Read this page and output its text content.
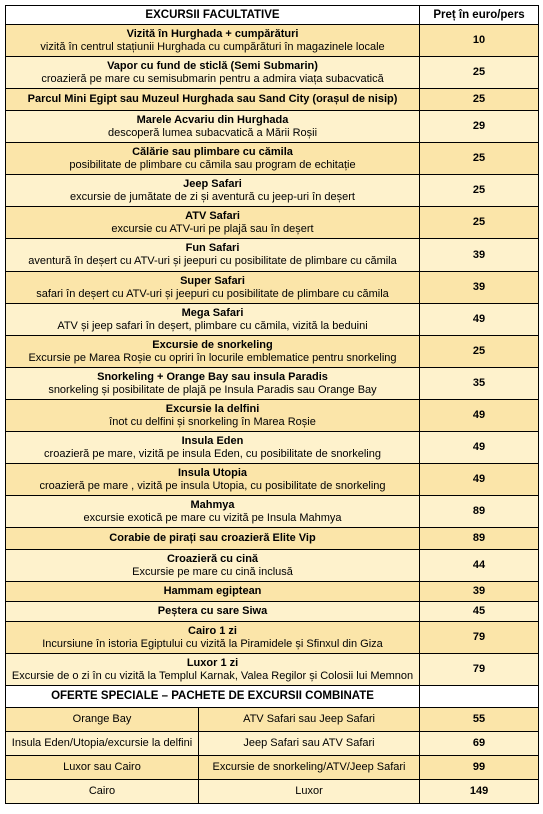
EXCURSII FACULTATIVE		Preț în euro/pers

Vizită în Hurghada + cumpărături
vizită în centrul stațiunii Hurghada cu cumpărături în magazinele locale		10

Vapor cu fund de sticlă (Semi Submarin)
croazieră pe mare cu semisubmarin pentru a admira viața subacvatică		25

Parcul Mini Egipt sau Muzeul Hurghada sau Sand City (orașul de nisip)		25

Marele Acvariu din Hurghada
descoperă lumea subacvatică a Mării Roșii		29

Călărie sau plimbare cu cămila
posibilitate de plimbare cu cămila sau program de echitație		25

Jeep Safari
excursie de jumătate de zi și aventură cu jeep-uri în deșert		25

ATV Safari
excursie cu ATV-uri pe plajă sau în deșert		25

Fun Safari
aventură în deșert cu ATV-uri și jeepuri cu posibilitate de plimbare cu cămila		39

Super Safari
safari în deșert cu ATV-uri și jeepuri cu posibilitate de plimbare cu cămila		39

Mega Safari
ATV și jeep safari în deșert, plimbare cu cămila, vizită la beduini		49

Excursie de snorkeling
Excursie pe Marea Roșie cu opriri în locurile emblematice pentru snorkeling		25

Snorkeling + Orange Bay sau insula Paradis
snorkeling și posibilitate de plajă pe Insula Paradis sau Orange Bay		35

Excursie la delfini
înot cu delfini și snorkeling în Marea Roșie		49

Insula Eden
croazieră pe mare, vizită pe insula Eden, cu posibilitate de snorkeling		49

Insula Utopia
croazieră pe mare , vizită pe insula Utopia, cu posibilitate de snorkeling		49

Mahmya
excursie exotică pe mare cu vizită pe Insula Mahmya		89

Corabie de pirați sau croazieră Elite Vip		89

Croazieră cu cină
Excursie pe mare cu cină inclusă		44

Hammam egiptean		39

Peștera cu sare Siwa		45

Cairo 1 zi
Incursiune în istoria Egiptului cu vizită la Piramidele și Sfinxul din Giza		79

Luxor 1 zi
Excursie de o zi în cu vizită la Templul Karnak, Valea Regilor și Colosii lui Memnon		79
OFERTE SPECIALE – PACHETE DE EXCURSII COMBINATE		
Orange Bay	ATV Safari sau Jeep Safari	55
Insula Eden/Utopia/excursie la delfini	Jeep Safari sau ATV Safari	69
Luxor sau Cairo	Excursie de snorkeling/ATV/Jeep Safari	99
Cairo	Luxor	149
